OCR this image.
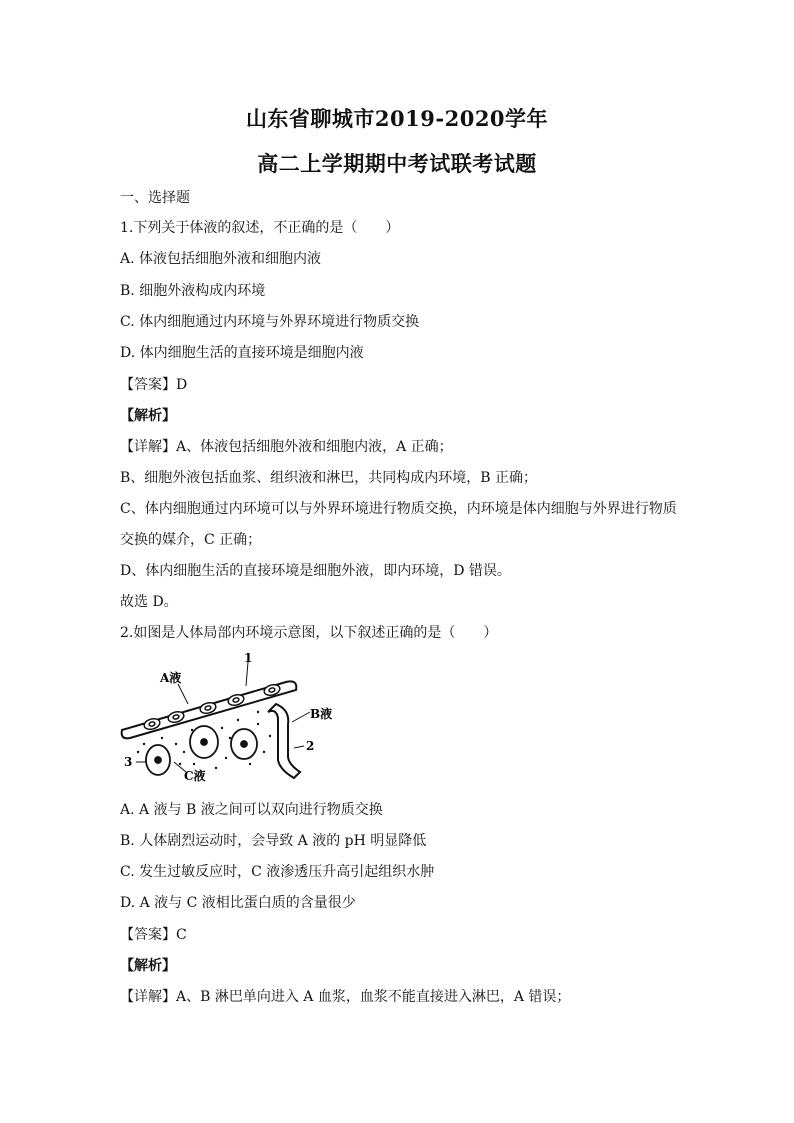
山东省聊城市2019-2020学年
高二上学期期中考试联考试题
一、选择题
1.下列关于体液的叙述，不正确的是（　　）
A. 体液包括细胞外液和细胞内液
B. 细胞外液构成内环境
C. 体内细胞通过内环境与外界环境进行物质交换
D. 体内细胞生活的直接环境是细胞内液
【答案】D
【解析】
【详解】A、体液包括细胞外液和细胞内液，A 正确；
B、细胞外液包括血浆、组织液和淋巴，共同构成内环境，B 正确；
C、体内细胞通过内环境可以与外界环境进行物质交换，内环境是体内细胞与外界进行物质
交换的媒介，C 正确；
D、体内细胞生活的直接环境是细胞外液，即内环境，D 错误。
故选 D。
2.如图是人体局部内环境示意图，以下叙述正确的是（　　）
1
A液
B液
2
3
C液
A. A 液与 B 液之间可以双向进行物质交换
B. 人体剧烈运动时，会导致 A 液的 pH 明显降低
C. 发生过敏反应时，C 液渗透压升高引起组织水肿
D. A 液与 C 液相比蛋白质的含量很少
【答案】C
【解析】
【详解】A、B 淋巴单向进入 A 血浆，血浆不能直接进入淋巴，A 错误；
